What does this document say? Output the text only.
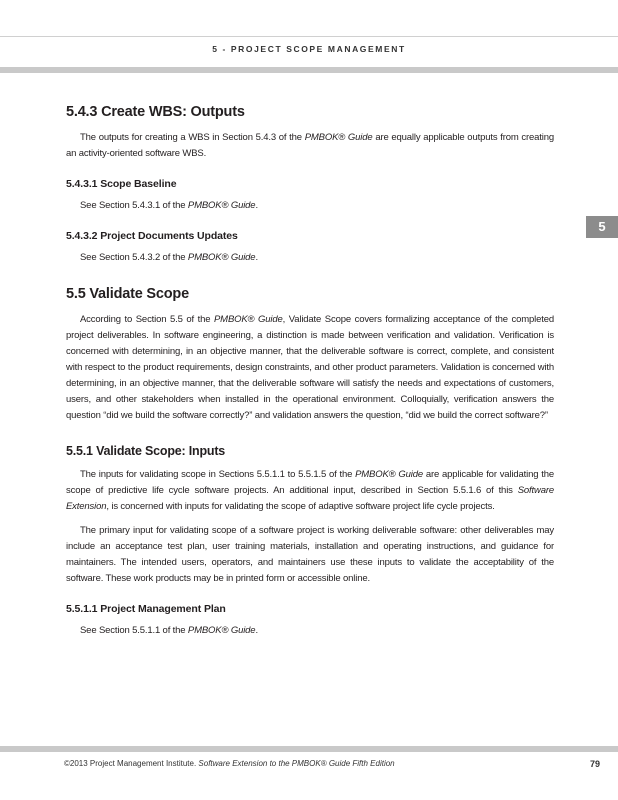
5 - PROJECT SCOPE MANAGEMENT
5
5.4.3 Create WBS: Outputs

The outputs for creating a WBS in Section 5.4.3 of the PMBOK® Guide are equally applicable outputs from creating an activity-oriented software WBS.

5.4.3.1 Scope Baseline

See Section 5.4.3.1 of the PMBOK® Guide.

5.4.3.2 Project Documents Updates

See Section 5.4.3.2 of the PMBOK® Guide.

5.5 Validate Scope

According to Section 5.5 of the PMBOK® Guide, Validate Scope covers formalizing acceptance of the completed project deliverables. In software engineering, a distinction is made between verification and validation. Verification is concerned with determining, in an objective manner, that the deliverable software is correct, complete, and consistent with respect to the product requirements, design constraints, and other product parameters. Validation is concerned with determining, in an objective manner, that the deliverable software will satisfy the needs and expectations of customers, users, and other stakeholders when installed in the operational environment. Colloquially, verification answers the question “did we build the software correctly?” and validation answers the question, “did we build the correct software?”

5.5.1 Validate Scope: Inputs

The inputs for validating scope in Sections 5.5.1.1 to 5.5.1.5 of the PMBOK® Guide are applicable for validating the scope of predictive life cycle software projects. An additional input, described in Section 5.5.1.6 of this Software Extension, is concerned with inputs for validating the scope of adaptive software project life cycle projects.

The primary input for validating scope of a software project is working deliverable software: other deliverables may include an acceptance test plan, user training materials, installation and operating instructions, and guidance for maintainers. The intended users, operators, and maintainers use these inputs to validate the acceptability of the software. These work products may be in printed form or accessible online.

5.5.1.1 Project Management Plan

See Section 5.5.1.1 of the PMBOK® Guide.

©2013 Project Management Institute. Software Extension to the PMBOK® Guide Fifth Edition	79
